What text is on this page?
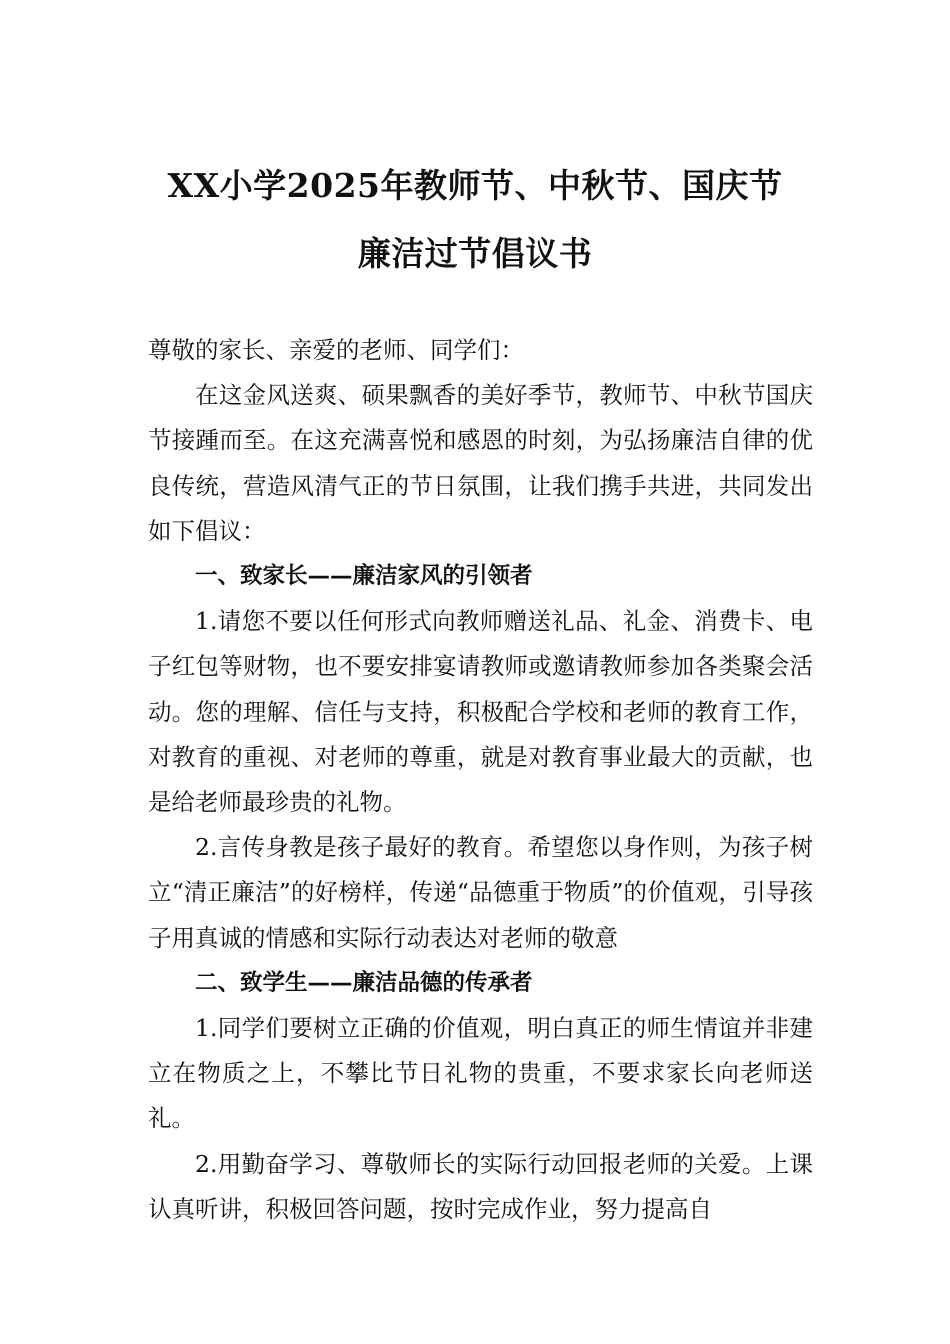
XX小学2025年教师节、中秋节、国庆节
廉洁过节倡议书

尊敬的家长、亲爱的老师、同学们：

在这金风送爽、硕果飘香的美好季节，教师节、中秋节国庆节接踵而至。在这充满喜悦和感恩的时刻，为弘扬廉洁自律的优良传统，营造风清气正的节日氛围，让我们携手共进，共同发出如下倡议：

一、致家长——廉洁家风的引领者

1.请您不要以任何形式向教师赠送礼品、礼金、消费卡、电子红包等财物，也不要安排宴请教师或邀请教师参加各类聚会活动。您的理解、信任与支持，积极配合学校和老师的教育工作，对教育的重视、对老师的尊重，就是对教育事业最大的贡献，也是给老师最珍贵的礼物。

2.言传身教是孩子最好的教育。希望您以身作则，为孩子树立“清正廉洁”的好榜样，传递“品德重于物质”的价值观，引导孩子用真诚的情感和实际行动表达对老师的敬意

二、致学生——廉洁品德的传承者

1.同学们要树立正确的价值观，明白真正的师生情谊并非建立在物质之上，不攀比节日礼物的贵重，不要求家长向老师送礼。

2.用勤奋学习、尊敬师长的实际行动回报老师的关爱。上课认真听讲，积极回答问题，按时完成作业，努力提高自
